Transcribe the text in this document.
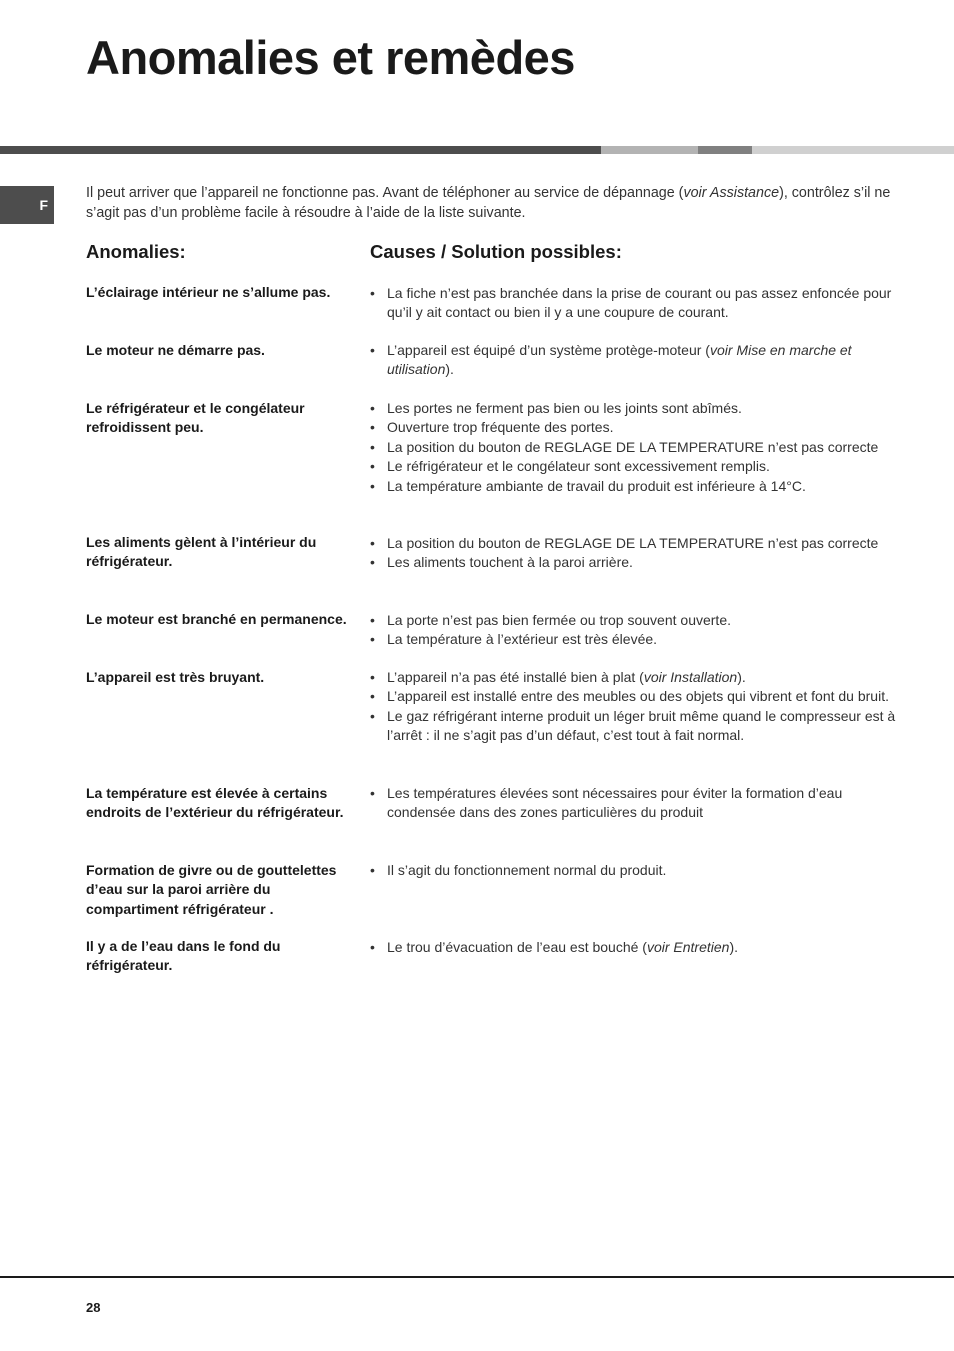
Anomalies et remèdes
F

Il peut arriver que l’appareil ne fonctionne pas. Avant de téléphoner au service de dépannage (voir Assistance), contrôlez s’il ne s’agit pas d’un problème facile à résoudre à l’aide de la liste suivante.

Anomalies:	Causes / Solution possibles:

L’éclairage intérieur ne s’allume pas.	• La fiche n’est pas branchée dans la prise de courant ou pas assez enfoncée pour qu’il y ait contact ou bien il y a une coupure de courant.

Le moteur ne démarre pas.	• L’appareil est équipé d’un système protège-moteur (voir Mise en marche et utilisation).

Le réfrigérateur et le congélateur refroidissent peu.

• Les portes ne ferment pas bien ou les joints sont abîmés.
• Ouverture trop fréquente des portes.
• La position du bouton de REGLAGE DE LA TEMPERATURE n’est pas correcte
• Le réfrigérateur et le congélateur sont excessivement remplis.
• La température ambiante de travail du produit est inférieure à 14°C.

Les aliments gèlent à l’intérieur du réfrigérateur.

• La position du bouton de REGLAGE DE LA TEMPERATURE n’est pas correcte
• Les aliments touchent à la paroi arrière.

Le moteur est branché en permanence.	• La porte n’est pas bien fermée ou trop souvent ouverte.
• La température à l’extérieur est très élevée.

L’appareil est très bruyant.	• L’appareil n’a pas été installé bien à plat (voir Installation).
• L’appareil est installé entre des meubles ou des objets qui vibrent et font du bruit.
• Le gaz réfrigérant interne produit un léger bruit même quand le compresseur est à l’arrêt : il ne s’agit pas d’un défaut, c’est tout à fait normal.

La température est élevée à certains endroits de l’extérieur du réfrigérateur.

• Les températures élevées sont nécessaires pour éviter la formation d’eau condensée dans des zones particulières du produit

Formation de givre ou de gouttelettes d’eau sur la paroi arrière du compartiment réfrigérateur .

• Il s’agit du fonctionnement normal du produit.

Il y a de l’eau dans le fond du réfrigérateur.

• Le trou d’évacuation de l’eau est bouché (voir Entretien).
28
